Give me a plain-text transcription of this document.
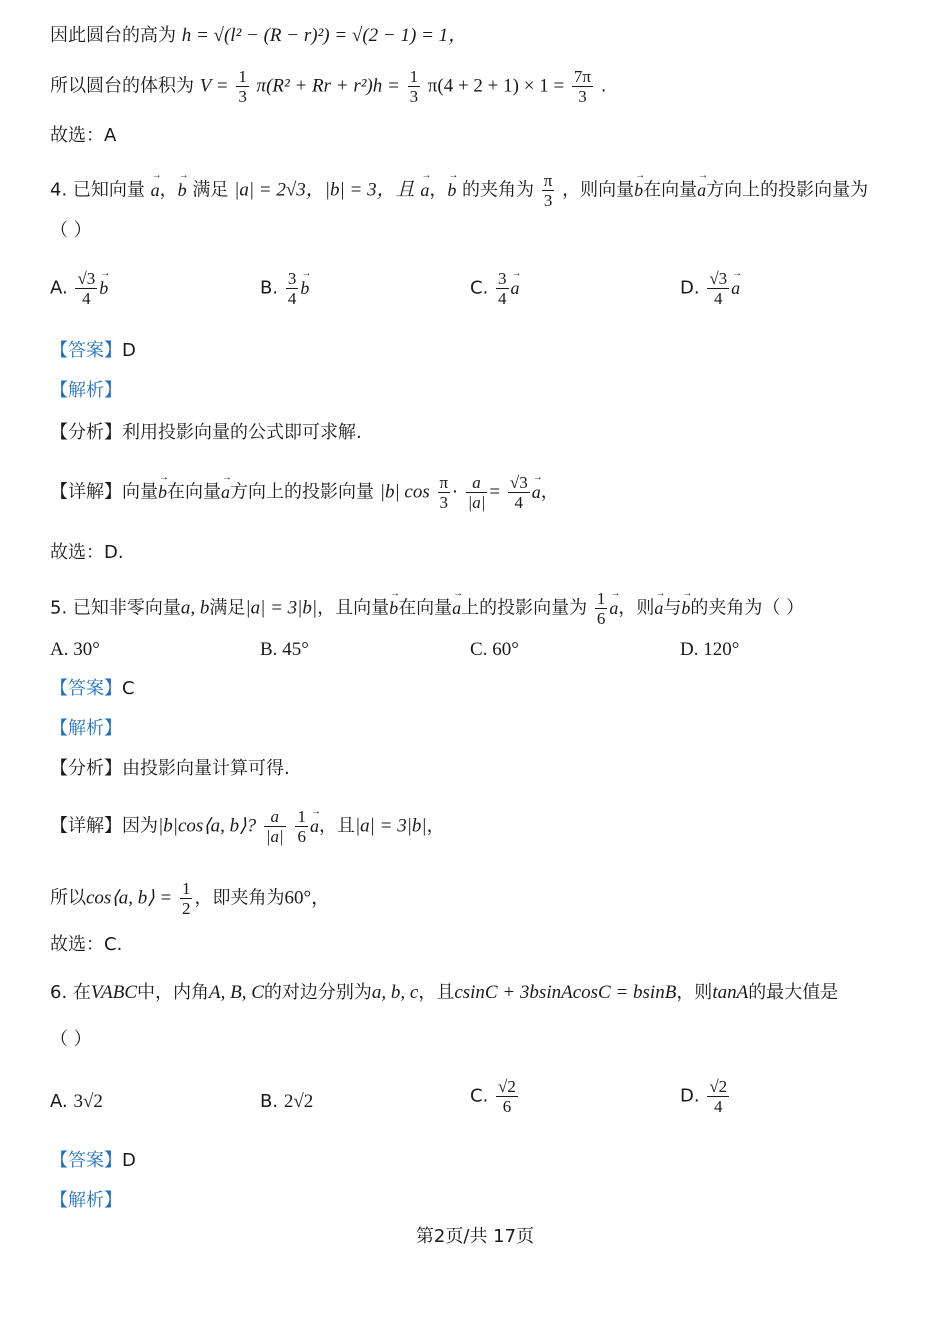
因此圆台的高为 h = √(l² − (R − r)²) = √(2 − 1) = 1，
所以圆台的体积为 $V = \frac{1}{3} \pi(R^2 + Rr + r^2)h = \frac{1}{3} \pi(4 + 2 + 1) \times 1 = \frac{7\pi}{3}$ .
故选：A
4. 已知向量 → a，→ b 满足 |a| = 2√3，|b| = 3，且 → a，→ b 的夹角为 $\frac{\pi}{3}$ ，则向量→ b在向量→ a方向上的投影向量为
（ ）
A. $\frac{√3}{4}$
→ b	B. $\frac{3}{4}$
→ b	C. $\frac{3}{4}$
→ a	D. $\frac{√3}{4}$
→ a
【答案】D
【解析】
【分析】利用投影向量的公式即可求解.
【详解】向量→ b在向量→ a方向上的投影向量 |b| $\cos \frac{\pi}{3} \cdot \frac{a}{|a|} = \frac{√3}{4}$
→ a，
故选：D.
5. 已知非零向量a, b满足|a| = 3|b|，且向量→ b在向量→ a上的投影向量为 $\frac{1}{6}$
→ a，则→ a与→ b的夹角为（ ）
A. 30°	B. 45°	C. 60°	D. 120°
【答案】C
【解析】
【分析】由投影向量计算可得.
【详解】因为|b|cos⟨a, b⟩? $\frac{a}{|a|}$
$\frac{1}{6}$
→ a，且|a| = 3|b|，
所以cos⟨a, b⟩ = $\frac{1}{2}$ ，即夹角为60°，
故选：C.
6. 在VABC中，内角A, B, C的对边分别为a, b, c，且csinC + 3bsinAcosC = bsinB，则tanA的最大值是
（ ）
A. 3√2	B. 2√2	C. $\frac{√2}{6}$	D. $\frac{√2}{4}$
【答案】D
【解析】
第2页/共 17页
